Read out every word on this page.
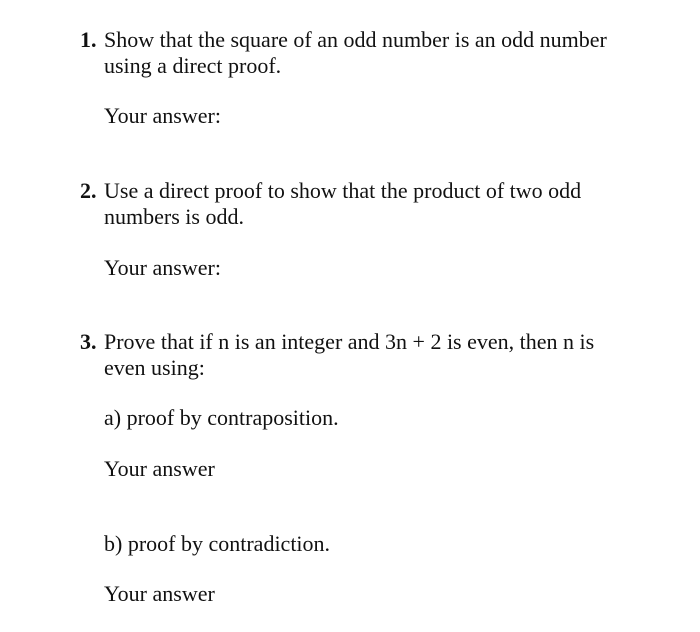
1. Show that the square of an odd number is an odd number using a direct proof.
Your answer:
2. Use a direct proof to show that the product of two odd numbers is odd.
Your answer:
3. Prove that if n is an integer and 3n + 2 is even, then n is even using:
a) proof by contraposition.
Your answer
b) proof by contradiction.
Your answer
